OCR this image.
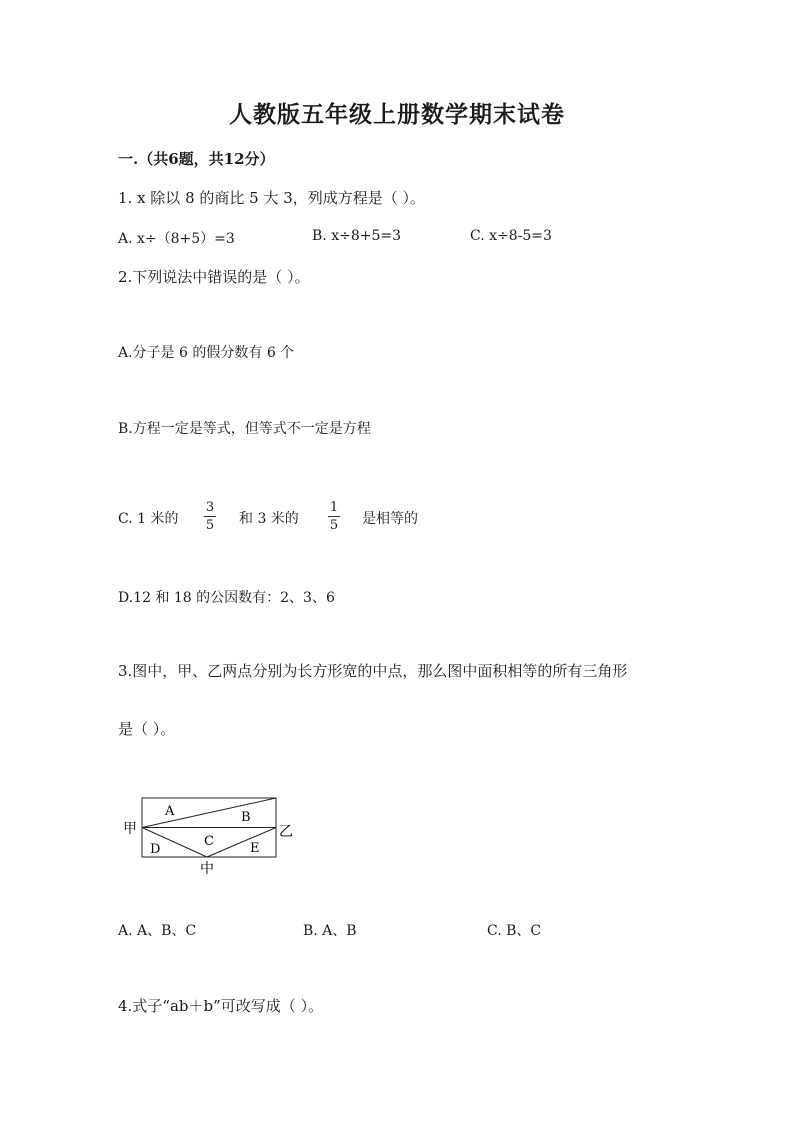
人教版五年级上册数学期末试卷
一.（共6题，共12分）
1. x 除以 8 的商比 5 大 3，列成方程是（ ）。
A. x÷（8+5）=3	B. x÷8+5=3	C. x÷8-5=3
2.下列说法中错误的是（ ）。
A.分子是 6 的假分数有 6 个
B.方程一定是等式，但等式不一定是方程
C. 1 米的
3
5 和 3 米的
1
5 是相等的
D.12 和 18 的公因数有：2、3、6
3.图中，甲、乙两点分别为长方形宽的中点，那么图中面积相等的所有三角形
是（ ）。
甲	乙
中
A	B
C
D	E
A. A、B、C	B. A、B	C. B、C
4.式子“ab＋b”可改写成（ ）。
